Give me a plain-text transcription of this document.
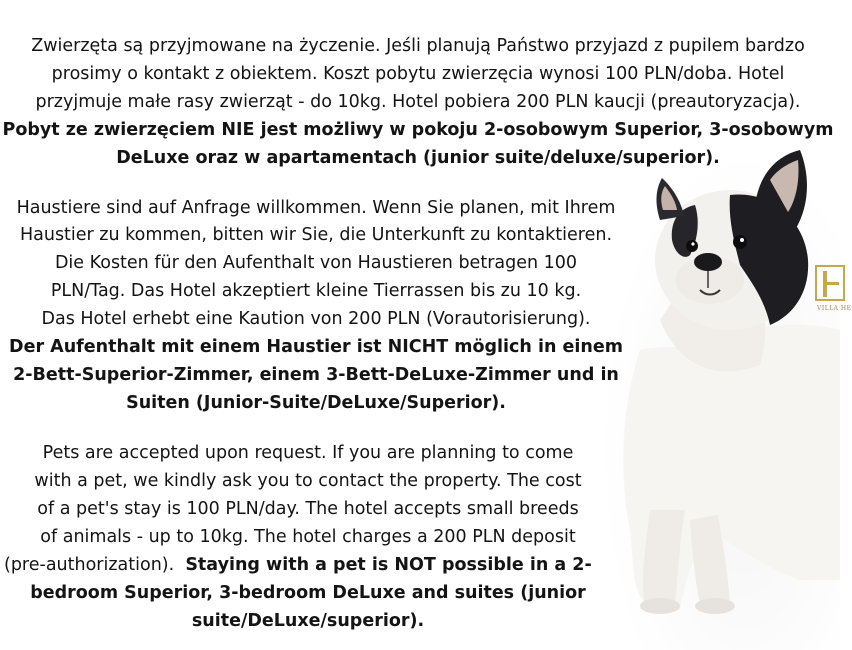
VILLA HE
Zwierzęta są przyjmowane na życzenie. Jeśli planują Państwo przyjazd z pupilem bardzo
prosimy o kontakt z obiektem. Koszt pobytu zwierzęcia wynosi 100 PLN/doba. Hotel
przyjmuje małe rasy zwierząt - do 10kg. Hotel pobiera 200 PLN kaucji (preautoryzacja).
Pobyt ze zwierzęciem NIE jest możliwy w pokoju 2-osobowym Superior, 3-osobowym
DeLuxe oraz w apartamentach (junior suite/deluxe/superior).
Haustiere sind auf Anfrage willkommen. Wenn Sie planen, mit Ihrem
Haustier zu kommen, bitten wir Sie, die Unterkunft zu kontaktieren.
Die Kosten für den Aufenthalt von Haustieren betragen 100
PLN/Tag. Das Hotel akzeptiert kleine Tierrassen bis zu 10 kg.
Das Hotel erhebt eine Kaution von 200 PLN (Vorautorisierung).
Der Aufenthalt mit einem Haustier ist NICHT möglich in einem
2-Bett-Superior-Zimmer, einem 3-Bett-DeLuxe-Zimmer und in
Suiten (Junior-Suite/DeLuxe/Superior).
Pets are accepted upon request. If you are planning to come
with a pet, we kindly ask you to contact the property. The cost
of a pet's stay is 100 PLN/day. The hotel accepts small breeds
of animals - up to 10kg. The hotel charges a 200 PLN deposit
(pre-authorization). Staying with a pet is NOT possible in a 2-
bedroom Superior, 3-bedroom DeLuxe and suites (junior
suite/DeLuxe/superior).
